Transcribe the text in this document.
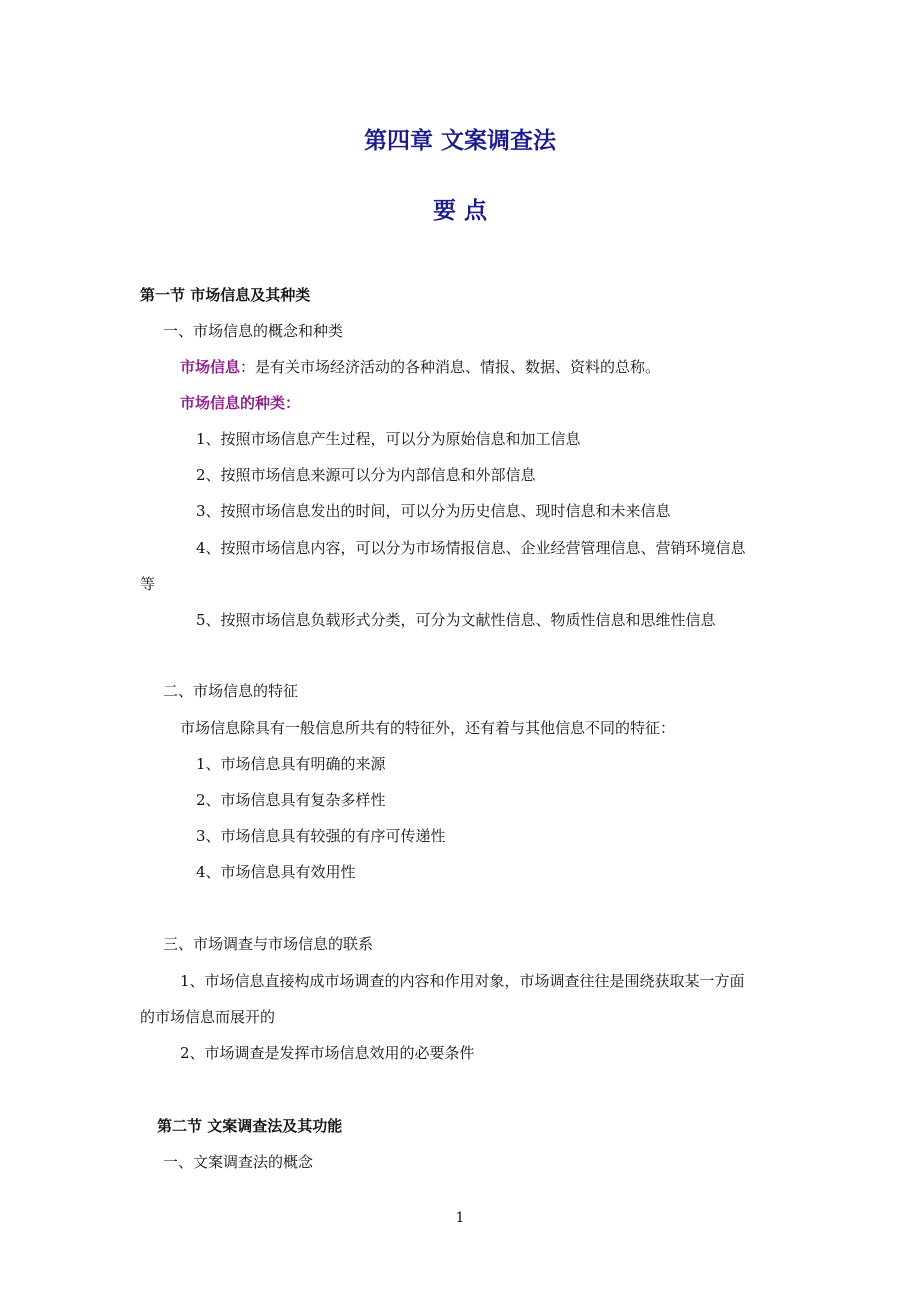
第四章 文案调查法
要 点
第一节 市场信息及其种类
一、市场信息的概念和种类
市场信息：是有关市场经济活动的各种消息、情报、数据、资料的总称。
市场信息的种类：
1、按照市场信息产生过程，可以分为原始信息和加工信息
2、按照市场信息来源可以分为内部信息和外部信息
3、按照市场信息发出的时间，可以分为历史信息、现时信息和未来信息
4、按照市场信息内容，可以分为市场情报信息、企业经营管理信息、营销环境信息
等
5、按照市场信息负载形式分类，可分为文献性信息、物质性信息和思维性信息
二、市场信息的特征
市场信息除具有一般信息所共有的特征外，还有着与其他信息不同的特征：
1、市场信息具有明确的来源
2、市场信息具有复杂多样性
3、市场信息具有较强的有序可传递性
4、市场信息具有效用性
三、市场调查与市场信息的联系
1、市场信息直接构成市场调查的内容和作用对象，市场调查往往是围绕获取某一方面
的市场信息而展开的
2、市场调查是发挥市场信息效用的必要条件
第二节 文案调查法及其功能
一、文案调查法的概念
1
